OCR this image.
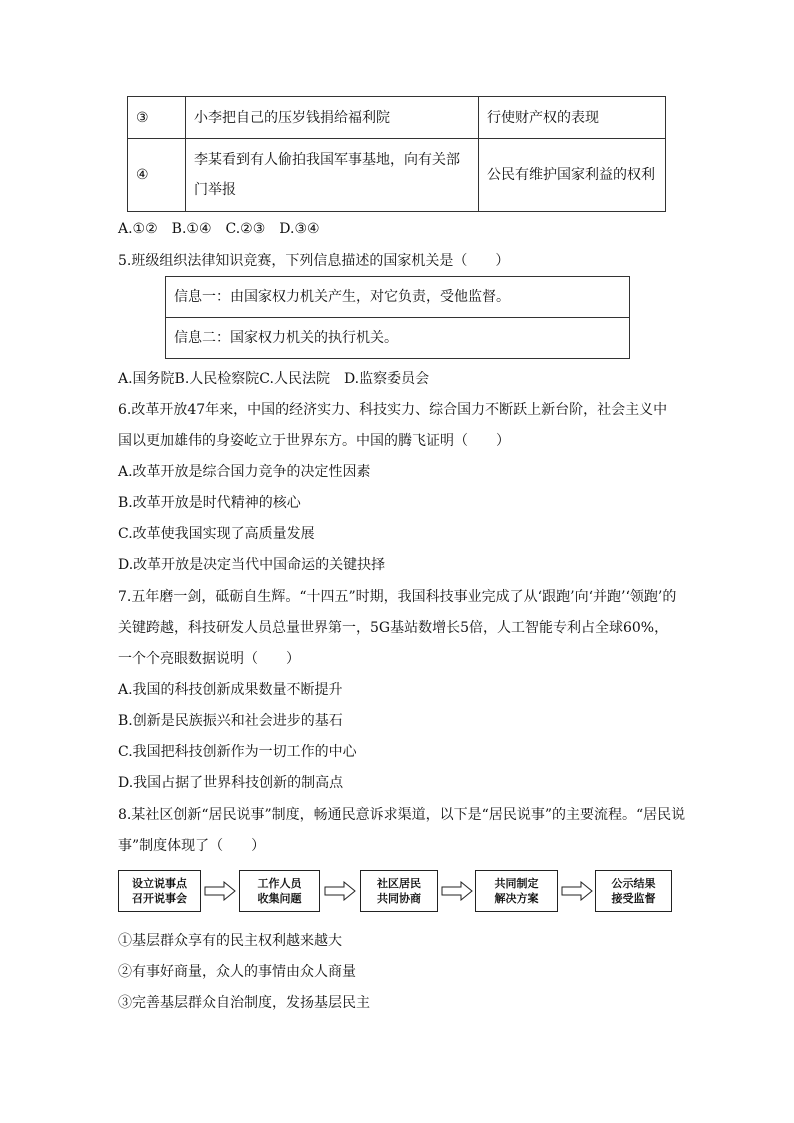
③	小李把自己的压岁钱捐给福利院	行使财产权的表现
④	李某看到有人偷拍我国军事基地，向有关部门举报	公民有维护国家利益的权利
A.①②　B.①④　C.②③　D.③④
5.班级组织法律知识竞赛，下列信息描述的国家机关是（　　）
信息一：由国家权力机关产生，对它负责，受他监督。
信息二：国家权力机关的执行机关。
A.国务院B.人民检察院C.人民法院　D.监察委员会
6.改革开放47年来，中国的经济实力、科技实力、综合国力不断跃上新台阶，社会主义中
国以更加雄伟的身姿屹立于世界东方。中国的腾飞证明（　　）
A.改革开放是综合国力竞争的决定性因素
B.改革开放是时代精神的核心
C.改革使我国实现了高质量发展
D.改革开放是决定当代中国命运的关键抉择
7.五年磨一剑，砥砺自生辉。“十四五”时期，我国科技事业完成了从‘跟跑’向‘并跑’‘领跑’的
关键跨越，科技研发人员总量世界第一，5G基站数增长5倍，人工智能专利占全球60%，
一个个亮眼数据说明（　　）
A.我国的科技创新成果数量不断提升
B.创新是民族振兴和社会进步的基石
C.我国把科技创新作为一切工作的中心
D.我国占据了世界科技创新的制高点
8.某社区创新“居民说事”制度，畅通民意诉求渠道，以下是“居民说事”的主要流程。“居民说
事”制度体现了（　　）
设立说事点
召开说事会
工作人员
收集问题
社区居民
共同协商
共同制定
解决方案
公示结果
接受监督
①基层群众享有的民主权利越来越大
②有事好商量，众人的事情由众人商量
③完善基层群众自治制度，发扬基层民主
